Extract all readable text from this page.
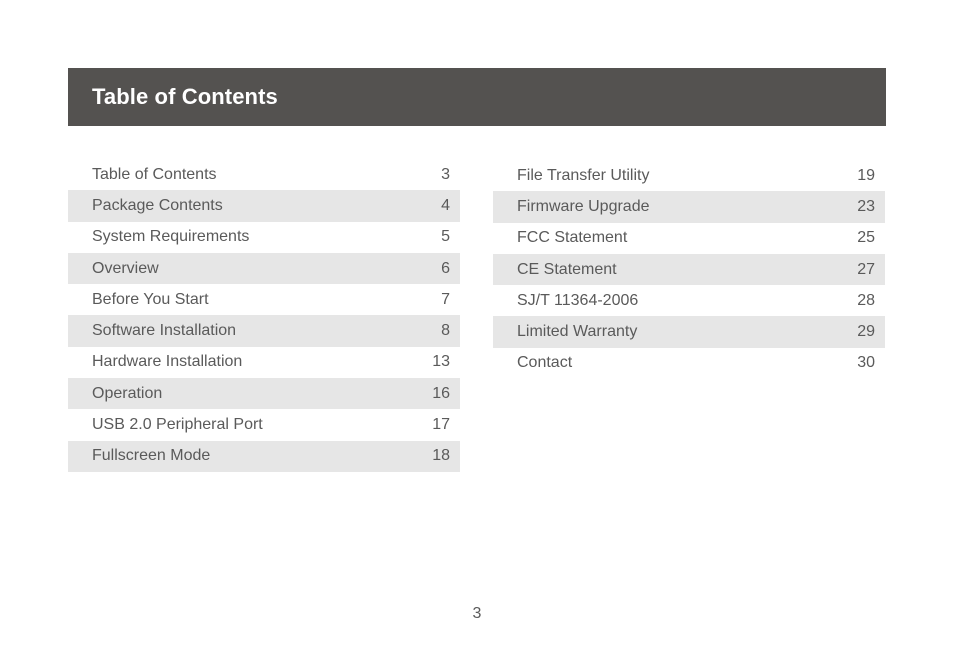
Table of Contents
Table of Contents	3
Package Contents	4
System Requirements	5
Overview	6
Before You Start	7
Software Installation	8
Hardware Installation	13
Operation	16
USB 2.0 Peripheral Port	17
Fullscreen Mode	18
File Transfer Utility	19
Firmware Upgrade	23
FCC Statement	25
CE Statement	27
SJ/T 11364-2006	28
Limited Warranty	29
Contact	30
3
